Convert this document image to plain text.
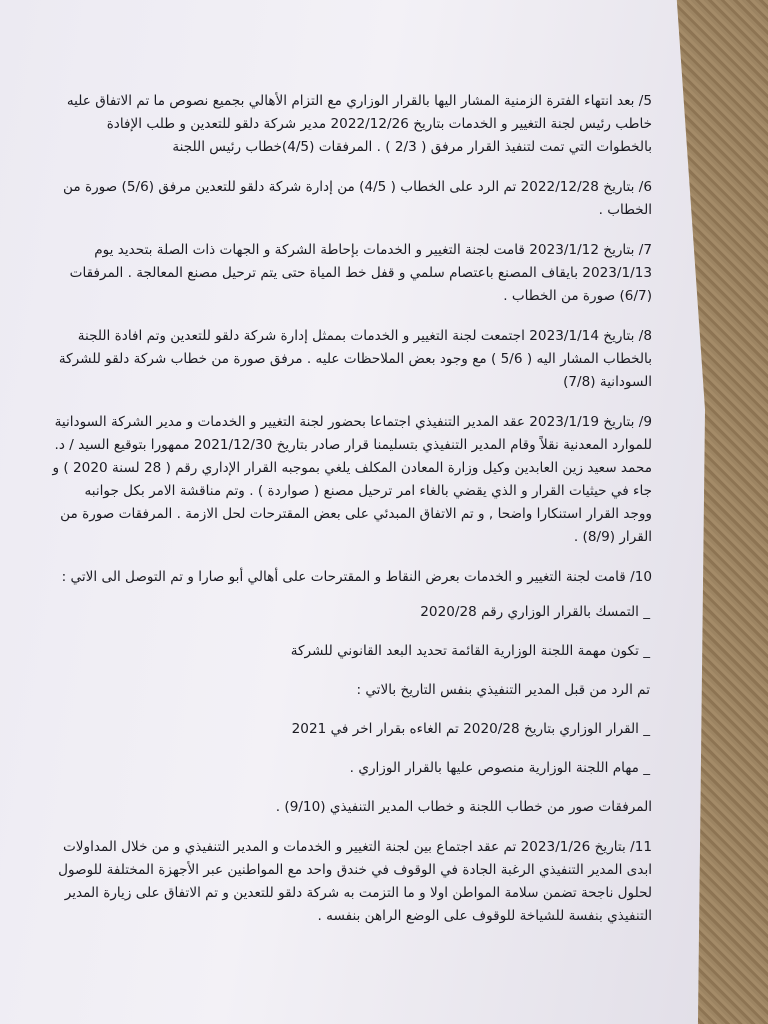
5/ بعد انتهاء الفترة الزمنية المشار اليها بالقرار الوزاري مع التزام الأهالي بجميع نصوص ما تم الاتفاق عليه خاطب رئيس لجنة التغيير و الخدمات بتاريخ 2022/12/26 مدير شركة دلقو للتعدين و طلب الإفادة بالخطوات التي تمت لتنفيذ القرار مرفق ( 2/3 ) . المرفقات (4/5)خطاب رئيس اللجنة

6/ بتاريخ 2022/12/28 تم الرد على الخطاب ( 4/5) من إدارة شركة دلقو للتعدين مرفق (5/6) صورة من الخطاب .

7/ بتاريخ 2023/1/12 قامت لجنة التغيير و الخدمات بإحاطة الشركة و الجهات ذات الصلة بتحديد يوم 2023/1/13 بايقاف المصنع باعتصام سلمي و قفل خط المياة حتى يتم ترحيل مصنع المعالجة . المرفقات (6/7) صورة من الخطاب .

8/ بتاريخ 2023/1/14 اجتمعت لجنة التغيير و الخدمات بممثل إدارة شركة دلقو للتعدين وتم افادة اللجنة بالخطاب المشار اليه ( 5/6 ) مع وجود بعض الملاحظات عليه . مرفق صورة من خطاب شركة دلقو للشركة السودانية (7/8)

9/ بتاريخ 2023/1/19 عقد المدير التنفيذي اجتماعا بحضور لجنة التغيير و الخدمات و مدير الشركة السودانية للموارد المعدنية نقلاً وقام المدير التنفيذي بتسليمنا قرار صادر بتاريخ 2021/12/30 ممهورا بتوقيع السيد / د. محمد سعيد زين العابدين وكيل وزارة المعادن المكلف يلغي بموجبه القرار الإداري رقم ( 28 لسنة 2020 ) و جاء في حيثيات القرار و الذي يقضي بالغاء امر ترحيل مصنع ( صواردة ) . وتم مناقشة الامر بكل جوانبه ووجد القرار استنكارا واضحا , و تم الاتفاق المبدئي على بعض المقترحات لحل الازمة . المرفقات صورة من القرار (8/9) .

10/ قامت لجنة التغيير و الخدمات بعرض النقاط و المقترحات على أهالي أبو صارا و تم التوصل الى الاتي :

_ التمسك بالقرار الوزاري رقم 2020/28

_ تكون مهمة اللجنة الوزارية القائمة تحديد البعد القانوني للشركة

تم الرد من قبل المدير التنفيذي بنفس التاريخ بالاتي :

_ القرار الوزاري بتاريخ 2020/28 تم الغاءه بقرار اخر في 2021

_ مهام اللجنة الوزارية منصوص عليها بالقرار الوزاري .

المرفقات صور من خطاب اللجنة و خطاب المدير التنفيذي (9/10) .

11/ بتاريخ 2023/1/26 تم عقد اجتماع بين لجنة التغيير و الخدمات و المدير التنفيذي و من خلال المداولات ابدى المدير التنفيذي الرغبة الجادة في الوقوف في خندق واحد مع المواطنين عبر الأجهزة المختلفة للوصول لحلول ناجحة تضمن سلامة المواطن اولا و ما التزمت به شركة دلقو للتعدين و تم الاتفاق على زيارة المدير التنفيذي بنفسة للشياخة للوقوف على الوضع الراهن بنفسه .
